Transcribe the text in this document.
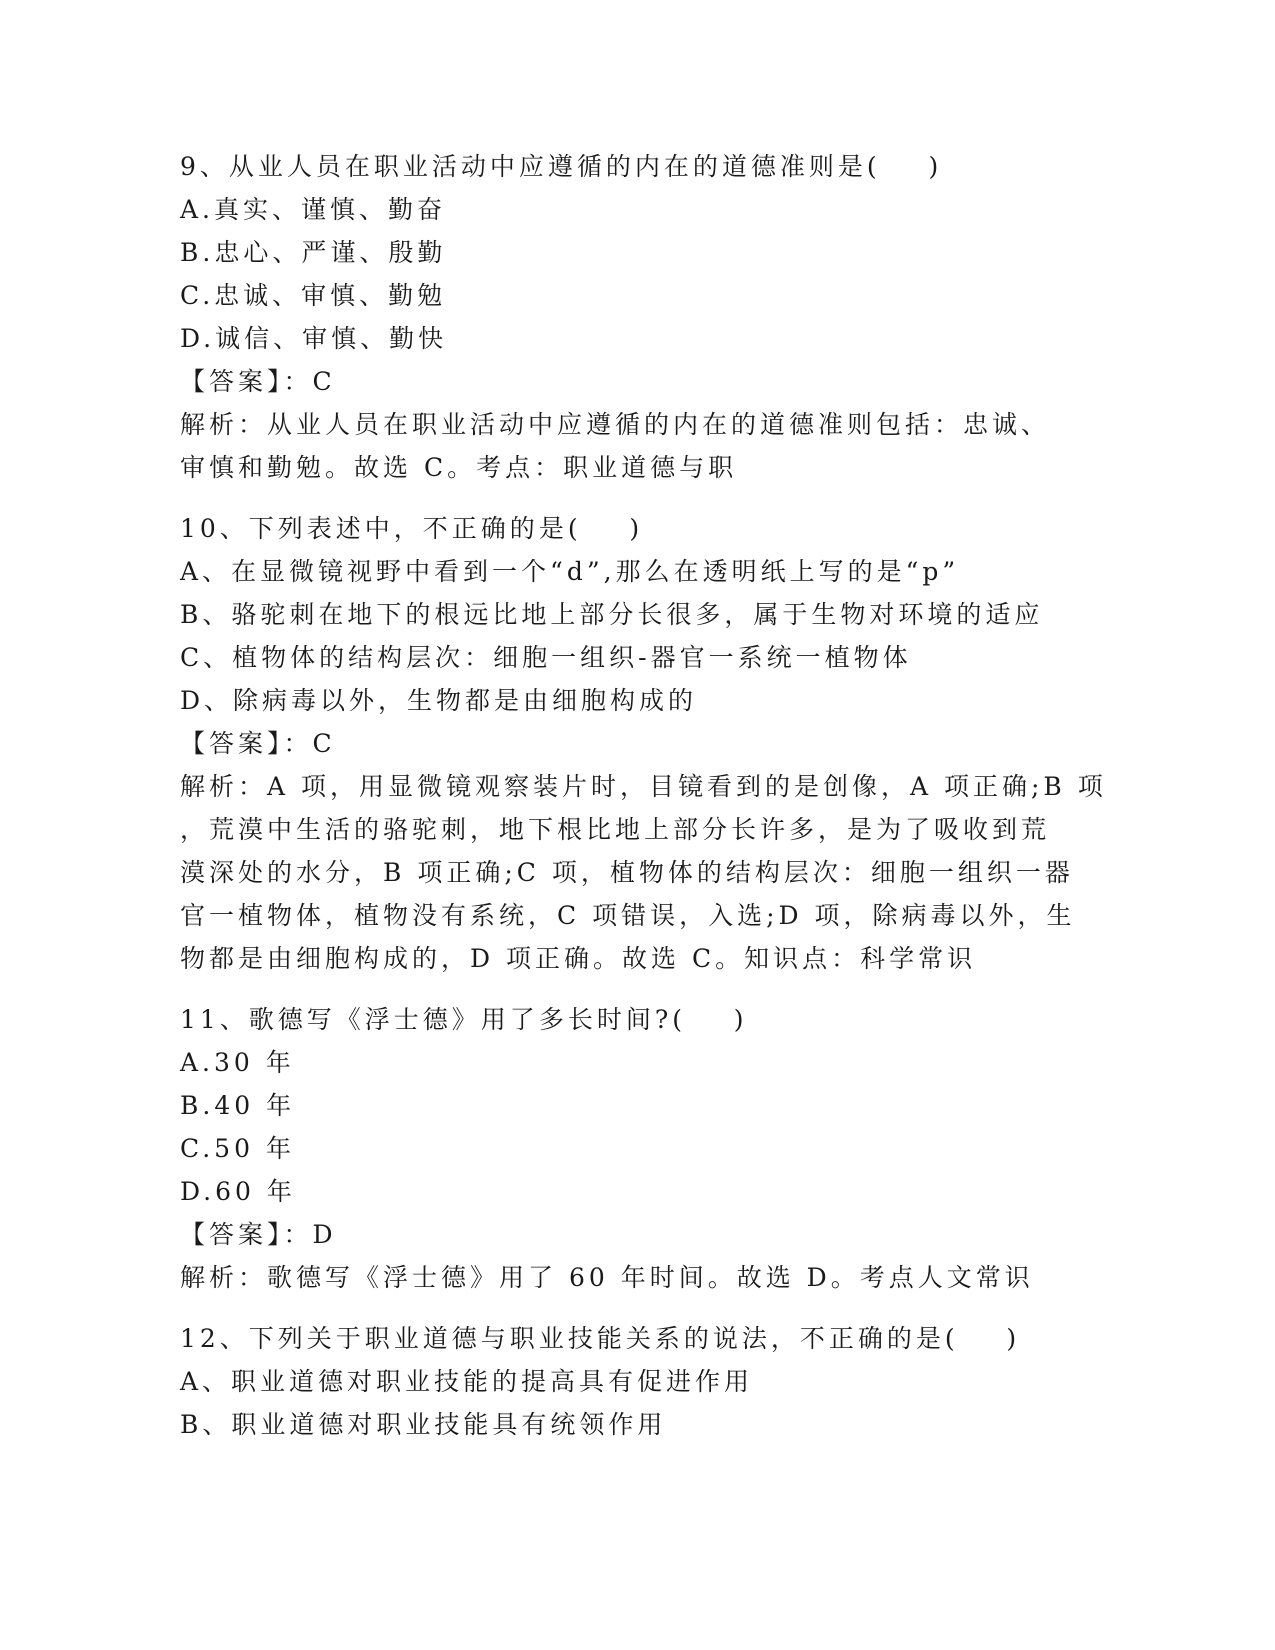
9、从业人员在职业活动中应遵循的内在的道德准则是(    )
A.真实、谨慎、勤奋
B.忠心、严谨、殷勤
C.忠诚、审慎、勤勉
D.诚信、审慎、勤快
【答案】：C
解析：从业人员在职业活动中应遵循的内在的道德准则包括：忠诚、
审慎和勤勉。故选 C。考点：职业道德与职
10、下列表述中，不正确的是(    )
A、在显微镜视野中看到一个“d”,那么在透明纸上写的是“p”
B、骆驼刺在地下的根远比地上部分长很多，属于生物对环境的适应
C、植物体的结构层次：细胞一组织-器官一系统一植物体
D、除病毒以外，生物都是由细胞构成的
【答案】：C
解析：A 项，用显微镜观察装片时，目镜看到的是创像，A 项正确;B 项
，荒漠中生活的骆驼刺，地下根比地上部分长许多，是为了吸收到荒
漠深处的水分，B 项正确;C 项，植物体的结构层次：细胞一组织一器
官一植物体，植物没有系统，C 项错误，入选;D 项，除病毒以外，生
物都是由细胞构成的，D 项正确。故选 C。知识点：科学常识
11、歌德写《浮士德》用了多长时间?(    )
A.30 年
B.40 年
C.50 年
D.60 年
【答案】：D
解析：歌德写《浮士德》用了 60 年时间。故选 D。考点人文常识
12、下列关于职业道德与职业技能关系的说法，不正确的是(    )
A、职业道德对职业技能的提高具有促进作用
B、职业道德对职业技能具有统领作用
